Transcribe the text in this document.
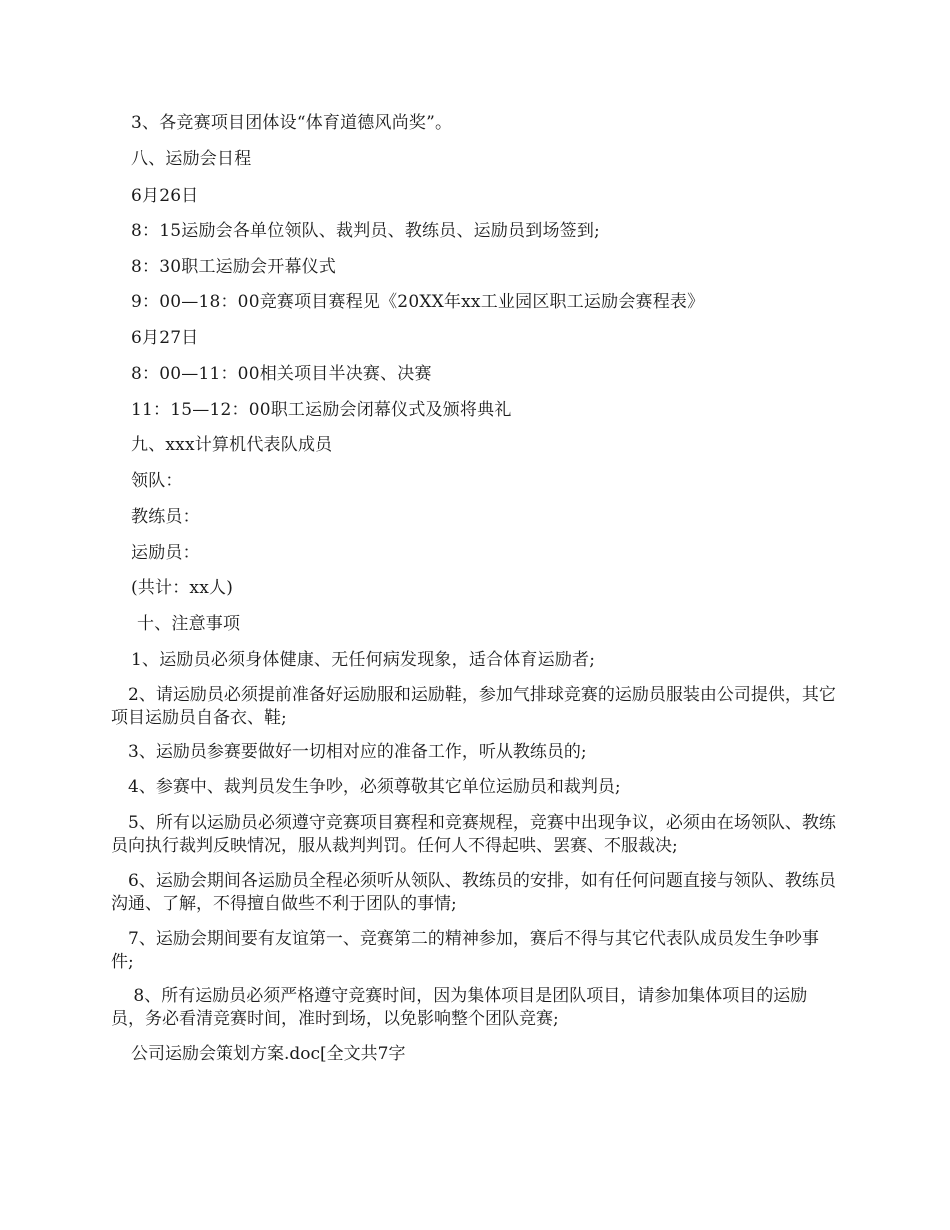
3、各竞赛项目团体设“体育道德风尚奖”。
八、运励会日程
6月26日
8：15运励会各单位领队、裁判员、教练员、运励员到场签到;
8：30职工运励会开幕仪式
9：00—18：00竞赛项目赛程见《20XX年xx工业园区职工运励会赛程表》
6月27日
8：00—11：00相关项目半决赛、决赛
11：15—12：00职工运励会闭幕仪式及颁将典礼
九、xxx计算机代表队成员
领队：
教练员：
运励员：
(共计：xx人)
十、注意事项
1、运励员必须身体健康、无任何病发现象，适合体育运励者;
　2、请运励员必须提前准备好运励服和运励鞋，参加气排球竞赛的运励员服装由公司提供，其它项目运励员自备衣、鞋;
　3、运励员参赛要做好一切相对应的准备工作，听从教练员的;
　4、参赛中、裁判员发生争吵，必须尊敬其它单位运励员和裁判员;
　5、所有以运励员必须遵守竞赛项目赛程和竞赛规程，竞赛中出现争议，必须由在场领队、教练员向执行裁判反映情况，服从裁判判罚。任何人不得起哄、罢赛、不服裁决;
　6、运励会期间各运励员全程必须听从领队、教练员的安排，如有任何问题直接与领队、教练员沟通、了解，不得擅自做些不利于团队的事情;
　7、运励会期间要有友谊第一、竞赛第二的精神参加，赛后不得与其它代表队成员发生争吵事件;
　 8、所有运励员必须严格遵守竞赛时间，因为集体项目是团队项目，请参加集体项目的运励员，务必看清竞赛时间，准时到场，以免影响整个团队竞赛;
公司运励会策划方案.doc[全文共7字
